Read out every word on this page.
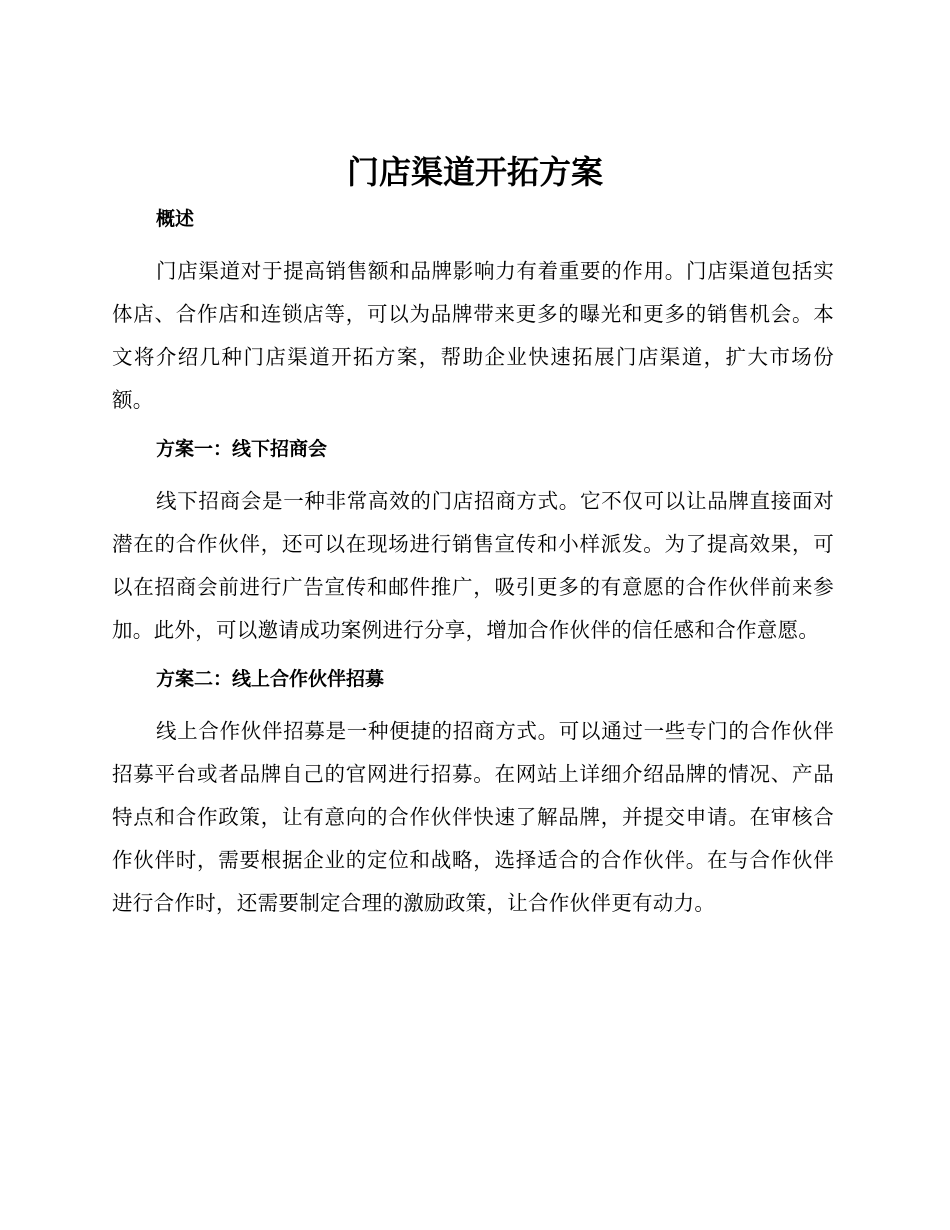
门店渠道开拓方案
概述

门店渠道对于提高销售额和品牌影响力有着重要的作用。门店渠道包括实体店、合作店和连锁店等，可以为品牌带来更多的曝光和更多的销售机会。本文将介绍几种门店渠道开拓方案，帮助企业快速拓展门店渠道，扩大市场份额。

方案一：线下招商会

线下招商会是一种非常高效的门店招商方式。它不仅可以让品牌直接面对潜在的合作伙伴，还可以在现场进行销售宣传和小样派发。为了提高效果，可以在招商会前进行广告宣传和邮件推广，吸引更多的有意愿的合作伙伴前来参加。此外，可以邀请成功案例进行分享，增加合作伙伴的信任感和合作意愿。

方案二：线上合作伙伴招募

线上合作伙伴招募是一种便捷的招商方式。可以通过一些专门的合作伙伴招募平台或者品牌自己的官网进行招募。在网站上详细介绍品牌的情况、产品特点和合作政策，让有意向的合作伙伴快速了解品牌，并提交申请。在审核合作伙伴时，需要根据企业的定位和战略，选择适合的合作伙伴。在与合作伙伴进行合作时，还需要制定合理的激励政策，让合作伙伴更有动力。
